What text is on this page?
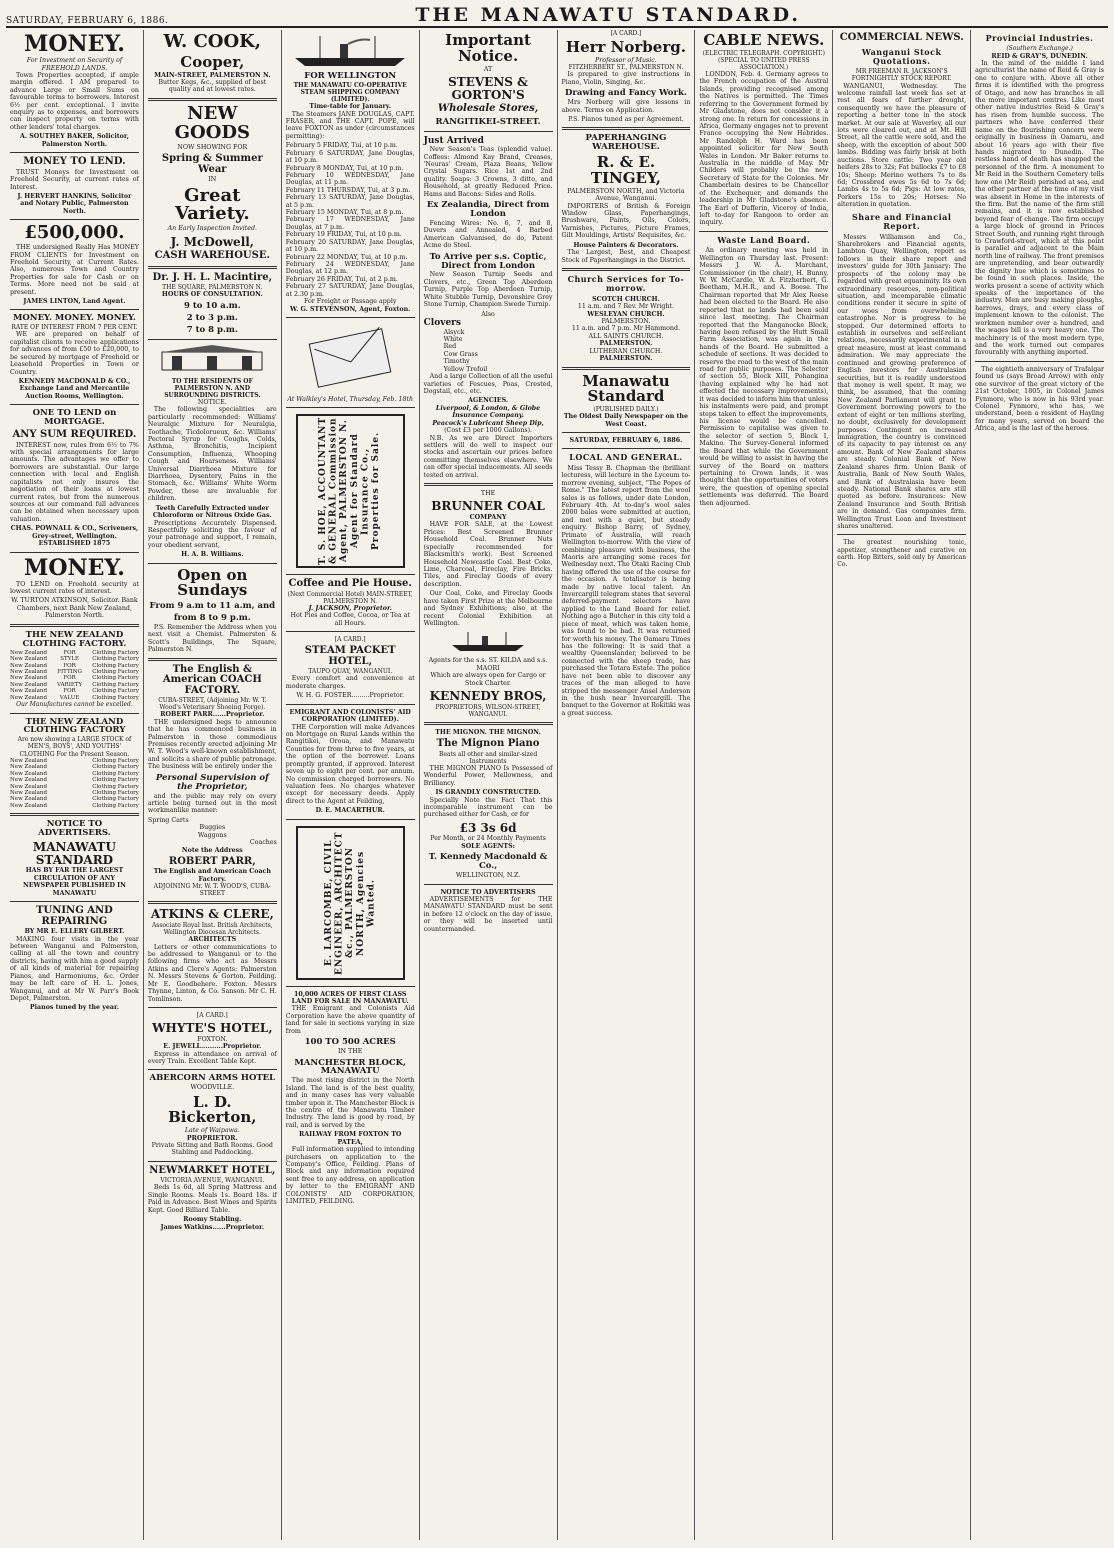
SATURDAY, FEBRUARY 6, 1886.	THE MANAWATU STANDARD.
MONEY.
For Investment on Security of FREEHOLD LANDS.

Town Properties accepted, if ample margin offered. I AM prepared to advance Large or Small Sums on favourable terms to borrowers. Interest 6½ per cent. exceptional. I invite enquiry as to expenses, and borrowers can inspect property on terms with other lenders' total charges.

A. SOUTHEY BAKER, Solicitor, Palmerston North.
MONEY TO LEND.

TRUST Moneys for Investment on Freehold Security, at current rates of Interest.

J. HERVERT HANKINS, Solicitor and Notary Public, Palmerston North.
£500,000.

THE undersigned Really Has MONEY FROM CLIENTS for Investment on Freehold Security, at Current Rates. Also, numerous Town and Country Properties for sale for Cash or on Terms. More need not be said at present.

JAMES LINTON, Land Agent.
MONEY. MONEY. MONEY.
RATE OF INTEREST FROM 7 PER CENT.

WE are prepared on behalf of capitalist clients to receive applications for advances of from £50 to £20,000, to be secured by mortgage of Freehold or Leasehold Properties in Town or Country.

KENNEDY MACDONALD & CO., Exchange Land and Mercantile Auction Rooms, Wellington.
ONE TO LEND on MORTGAGE.
ANY SUM REQUIRED.

INTEREST now, rules from 6½ to 7% with special arrangements for large amounts. The advantages we offer to borrowers are substantial. Our large connection with local and English capitalists not only insures the negotiation of their loans at lowest current rates, but from the numerous sources at our command full advances can be obtained when necessary upon valuation.

CHAS. POWNALL & CO., Scriveners, Grey-street, Wellington. ESTABLISHED 1875
MONEY.

TO LEND on Freehold security at lowest current rates of interest.

W. TURTON ATKINSON, Solicitor. Bank Chambers, next Bank New Zealand, Palmerston North.
THE NEW ZEALAND CLOTHING FACTORY.
New Zealand	FOR	Clothing Factory
New Zealand STYLE Clothing Factory
New Zealand	FOR	Clothing Factory
New Zealand FITTING Clothing Factory
New Zealand	FOR	Clothing Factory
New Zealand VARIETY Clothing Factory
New Zealand	FOR	Clothing Factory
New Zealand VALUE Clothing Factory
Our Manufactures cannot be excelled.
THE NEW ZEALAND CLOTHING FACTORY
Are now showing a LARGE STOCK of MEN'S, BOYS', AND YOUTHS' CLOTHING For the Present Season.
New Zealand	Clothing Factory
New Zealand	Clothing Factory
New Zealand	Clothing Factory
New Zealand	Clothing Factory
New Zealand	Clothing Factory
New Zealand	Clothing Factory
New Zealand	Clothing Factory
New Zealand	Clothing Factory
NOTICE TO ADVERTISERS.
MANAWATU STANDARD
HAS BY FAR THE LARGEST CIRCULATION OF ANY NEWSPAPER PUBLISHED IN MANAWATU
TUNING AND REPAIRING
BY MR E. ELLERY GILBERT.

MAKING four visits in the year between Wanganui and Palmerston, calling at all the town and country districts, having with him a good supply of all kinds of material for repairing Pianos, and Harmoniums, &c. Order may be left care of H. L. Jones, Wanganui, and at Mr W. Parr's Book Depot, Palmerston.

Pianos tuned by the year.
W. COOK,
Cooper,
MAIN-STREET, PALMERSTON N.
Butter Kegs, &c., supplied of best quality and at lowest rates.
NEW GOODS
NOW SHOWING FOR
Spring & Summer Wear
IN
Great Variety.
An Early Inspection Invited.
J. McDowell,
CASH WAREHOUSE.
Dr. J. H. L. Macintire,
THE SQUARE, PALMERSTON N.
HOURS OF CONSULTATION.
9 to 10 a.m.
2 to 3 p.m.
7 to 8 p.m.
TO THE RESIDENTS OF PALMERSTON N. AND SURROUNDING DISTRICTS.
NOTICE.

The following specialities are particularly recommended: Williams' Neuralgic Mixture for Neuralgia, Toothache, Ticdolorueux, &c. Williams' Pectoral Syrup for Coughs, Colds, Asthma, Bronchitis, Incipient Consumption, Influenza, Whooping Cough and Hoarseness. Williams' Universal Diarrhoea Mixture for Diarrhoea, Dysentery, Pains in the Stomach, &c. Williams' White Worm Powder, these are invaluable for children.

Teeth Carefully Extracted under Chloroform or Nitrous Oxide Gas.

Prescriptions Accurately Dispensed. Respectfully soliciting the favour of your patronage and support, I remain, your obedient servant,

H. A. B. Williams.
Open on Sundays
From 9 a.m to 11 a.m, and
from 8 to 9 p.m.

P.S. Remember the Address when you next visit a Chemist. Palmerston & Scott's Buildings, The Square, Palmerston N.

The English & American COACH FACTORY.
CUBA-STREET, (Adjoining Mr. W. T. Wood's Veterinary Shoeing Forge).
ROBERT PARR......Proprietor.

THE undersigned begs to announce that he has commenced business in Palmerston in those commodious Premises recently erected adjoining Mr W. T. Wood's well-known establishment, and solicits a share of public patronage. The business will be entirely under the

Personal Supervision of the Proprietor,

and the public may rely on every article being turned out in the most workmanlike manner:

Spring Carts
Buggies
Waggons
Coaches
Note the Address
ROBERT PARR,
The English and American Coach Factory.
ADJOINING Mr. W. T. WOOD'S, CUBA-STREET
ATKINS & CLERE,
Associate Royal Inst. British Architects, Wellington Diocesan Architects.
ARCHITECTS

Letters or other communications to be addressed to Wanganui or to the following firms who act as Messrs Atkins and Clere's Agents: Palmerston N. Messrs Stevens & Gorton. Feilding. Mr E. Goodbehere. Foxton. Messrs Thynne, Linton, & Co. Sanson. Mr C. H. Tomlinson.

[A CARD.]
WHYTE'S HOTEL,
FOXTON.
E. JEWELL..........Proprietor.

Express in attendance on arrival of every Train. Excellent Table Kept.

ABERCORN ARMS HOTEL
WOODVILLE.
L. D. Bickerton,
Late of Waipawa.
PROPRIETOR.
Private Sitting and Bath Rooms. Good Stabling and Paddocking.
NEWMARKET HOTEL,
VICTORIA AVENUE, WANGANUI.

Beds 1s 6d, all Spring Mattress and Single Rooms. Meals 1s. Board 18s. if Paid in Advance. Best Wines and Spirits Kept. Good Billiard Table.

Roomy Stabling.
James Watkins......Proprietor.
FOR WELLINGTON
THE MANAWATU CO-OPERATIVE STEAM SHIPPING COMPANY (LIMITED).
Time-table for January.

The Steamers JANE DOUGLAS, CAPT. FRASER, and THE CAPT. POPE, will leave FOXTON as under (circumstances permitting):

February 5 FRIDAY, Tui, at 10 p.m.
February 6 SATURDAY, Jane Douglas, at 10 p.m.
February 8 MONDAY, Tui, at 10 p.m.
February 10 WEDNESDAY, Jane Douglas, at 11 p.m.
February 11 THURSDAY, Tui, at 3 p.m.
February 13 SATURDAY, Jane Douglas, at 5 p.m.
February 15 MONDAY, Tui, at 8 p.m.
February 17 WEDNESDAY, Jane Douglas, at 7 p.m.
February 19 FRIDAY, Tui, at 10 p.m.
February 20 SATURDAY, Jane Douglas, at 10 p.m.
February 22 MONDAY, Tui, at 10 p.m.
February 24 WEDNESDAY, Jane Douglas, at 12 p.m.
February 26 FRIDAY, Tui, at 2 p.m.
February 27 SATURDAY, Jane Douglas, at 2.30 p.m.
For Freight or Passage apply
W. G. STEVENSON, Agent, Foxton.
At Walkley's Hotel, Thursday, Feb. 18th
T. S. HOE, ACCOUNTANT & GENERAL Commission Agent, PALMERSTON N. Agent for Standard Insurance Co., Properties for Sale.
Coffee and Pie House.
(Next Commercial Hotel) MAIN-STREET, PALMERSTON N.
J. JACKSON, Proprietor.
Hot Pies and Coffee, Cocoa, or Tea at all Hours.
[A CARD.]
STEAM PACKET HOTEL,
TAUPO QUAY, WANGANUI.

Every comfort and convenience at moderate charges.

W. H. G. FOSTER.........Proprietor.
EMIGRANT AND COLONISTS' AID CORPORATION (LIMITED).

THE Corporation will make Advances on Mortgage on Rural Lands within the Rangitikei, Oroua, and Manawatu Counties for from three to five years, at the option of the borrower. Loans promptly granted, if approved. Interest seven up to eight per cent. per annum. No commission charged borrowers. No valuation fees. No charges whatever except for necessary deeds. Apply direct to the Agent at Feilding,

D. E. MACARTHUR.
E. LARCOMBE, CIVIL ENGINEER, ARCHITECT &c., PALMERSTON NORTH, Agencies Wanted.
10,000 ACRES OF FIRST CLASS LAND FOR SALE IN MANAWATU.

THE Emigrant and Colonists Aid Corporation have the above quantity of land for sale in sections varying in size from

100 TO 500 ACRES
IN THE
MANCHESTER BLOCK, MANAWATU

The most rising district in the North Island. The land is of the best quality, and in many cases has very valuable timber upon it. The Manchester Block is the centre of the Manawatu Timber Industry. The land is good by road, by rail, and is served by the

RAILWAY FROM FOXTON TO PATEA,

Full information supplied to intending purchasers on application to the Company's Office, Feilding. Plans of Block and any information required sent free to any address, on application by letter to the EMIGRANT AND COLONISTS' AID CORPORATION, LIMITED, FEILDING.

Important Notice.
AT
STEVENS & GORTON'S
Wholesale Stores,
RANGITIKEI-STREET.
Just Arrived

New Season's Teas (splendid value). Coffees: Almond Kay Brand, Creases, 'Neuras' Cream, Plaza Beans, Yellow Crystal Sugars. Rice 1st and 2nd quality. Soaps: 3 Crowns, 3 ditto, and Household, at greatly Reduced Price. Hams and Bacons: Sides and Rolls.

Ex Zealandia, Direct from London

Fencing Wires: No. 6, 7, and 8, Duvers and Annealed, 4 Barbed American Galvanised, do do, Patent Acme do Steel.

To Arrive per s.s. Coptic, Direct from London

New Season Turnip Seeds and Clovers, etc., Green Top Aberdeen Turnip, Purple Top Aberdeen Turnip, White Stubble Turnip, Devonshire Grey Stone Turnip, Champion Swede Turnip.

Also
Clovers
Alsyck
White
Red
Cow Grass
Timothy
Yellow Trefoil

And a large Collection of all the useful varieties of Fescues, Poas, Crested, Dogstail, etc., etc.

AGENCIES.
Liverpool, & London, & Globe Insurance Company.
Peacock's Lubricant Sheep Dip,
(Cost £3 per 1000 Gallons).

N.B. As we are Direct Importers settlers will do well to inspect our stocks and ascertain our prices before committing themselves elsewhere. We can offer special inducements. All seeds tested on arrival.

THE
BRUNNER COAL
COMPANY

HAVE FOR SALE, at the Lowest Prices: Best Screened Brunner Household Coal. Brunner Nuts (specially recommended for Blacksmith's work). Best Screened Household Newcastle Coal. Best Coke, Lime, Charcoal, Fireclay, Fire Bricks. Tiles, and Fireclay Goods of every description.

Our Coal, Coke, and Fireclay Goods have taken First Prize at the Melbourne and Sydney Exhibitions; also at the recent Colonial Exhibition at Wellington.

Agents for the s.s. ST. KILDA and s.s. MAORI
Which are always open for Cargo or Stock Charter.
KENNEDY BROS,
PROPRIETORS, WILSON-STREET, WANGANUI.
THE MIGNON. THE MIGNON.
The Mignon Piano
Beats all other and similar-sized Instruments

THE MIGNON PIANO Is Possessed of Wonderful Power, Mellowness, and Brilliancy.

IS GRANDLY CONSTRUCTED.

Specially Note the Fact That this incomparable instrument can be purchased either for Cash, or for

£3 3s 6d
Per Month, or 24 Monthly Payments
SOLE AGENTS:
T. Kennedy Macdonald & Co.,
WELLINGTON, N.Z.
NOTICE TO ADVERTISERS

ADVERTISEMENTS for THE MANAWATU STANDARD must be sent in before 12 o'clock on the day of issue, or they will be inserted until countermanded.

[A CARD.]
Herr Norberg.
Professor of Music.
FITZHERBERT ST., PALMERSTON N.

Is prepared to give instructions in Piano, Violin, Singing, &c.

Drawing and Fancy Work.

Mrs Norberg will give lessons in above. Terms on Application.

P.S. Pianos tuned as per Agreement.
PAPERHANGING WAREHOUSE.
R. & E. TINGEY,
PALMERSTON NORTH, and Victoria Avenue, Wanganui.

IMPORTERS of British & Foreign Window Glass, Paperhangings, Brushware, Paints, Oils, Colors, Varnishes, Pictures, Picture Frames, Gilt Mouldings, Artists' Requisites, &c.

House Painters & Decorators.

The Largest, Best, and Cheapest Stock of Paperhangings in the District.

Church Services for To-morrow.
SCOTCH CHURCH.
11 a.m. and 7 Rev. Mr Wright.
WESLEYAN CHURCH.
PALMERSTON.
11 a.m. and 7 p.m. Mr Hammond.
ALL SAINTS CHURCH.
PALMERSTON.
LUTHERAN CHURCH.
PALMERSTON.
Manawatu Standard
(PUBLISHED DAILY.)
The Oldest Daily Newspaper on the West Coast.
SATURDAY, FEBRUARY 6, 1886.
LOCAL AND GENERAL.

Miss Tessy B. Chapman the (brilliant lecturess, will lecture in the Lyceum to-morrow evening, subject, "The Popes of Rome." The latest report from the wool sales is as follows, under date London, February 4th. At to-day's wool sales 2000 bales were submitted at auction, and met with a quiet, but steady enquiry. Bishop Barry, of Sydney, Primate of Australia, will reach Wellington to-morrow. With the view of combining pleasure with business, the Maoris are arranging some races for Wednesday next. The Otaki Racing Club having offered the use of the course for the occasion. A totalisator is being made by native local talent. An Invercargill telegram states that several deferred-payment selectors have applied to the Land Board for relief. Nothing ago a Butcher in this city told a piece of meat, which was taken home, was found to be bad. It was returned for worth his money. The Oamaru Times has the following: It is said that a wealthy Queenslander, believed to be connected with the sheep trade, has purchased the Totara Estate. The police have not been able to discover any traces of the man alleged to have stripped the messenger Ansel Anderson in the bush near Invercargill. The banquet to the Governor at Rokitiki was a great success.

CABLE NEWS.
(ELECTRIC TELEGRAPH. COPYRIGHT.) (SPECIAL TO UNITED PRESS ASSOCIATION.)

LONDON, Feb. 4. Germany agrees to the French occupation of the Austral Islands, providing recognised among the Natives is permitted. The Times referring to the Government formed by Mr Gladstone, does not consider it a strong one. In return for concessions in Africa, Germany engages not to prevent France occupying the New Hebrides. Mr Randolph H. Ward has been appointed solicitor for New South Wales in London. Mr Baker returns to Australia in the middle of May. Mr Childers will probably be the new Secretary of State for the Colonies. Mr Chamberlain desires to be Chancellor of the Exchequer, and demands the leadership in Mr Gladstone's absence. The Earl of Dufferin, Viceroy of India, left to-day for Rangoon to order an inquiry.

Waste Land Board.

An ordinary meeting was held in Wellington on Thursday last. Present: Messrs J. W. A. Marchant, Commissioner (in the chair), H. Bunny, W. W. McCardle, W. A. Fitzherbert, G. Beetham, M.H.R., and A. Boese. The Chairman reported that Mr Alex Reese had been elected to the Board. He also reported that no lands had been sold since last meeting. The Chairman reported that the Manganocke Block, having been refused by the Hutt Small Farm Association, was again in the hands of the Board. He submitted a schedule of sections. It was decided to reserve the road to the west of the main road for public purposes. The Selector of section 55, Block XIII, Pohangina (having explained why he had not effected the necessary improvements), it was decided to inform him that unless his instalments were paid, and prompt steps taken to effect the improvements, his license would be cancelled. Permission to capitalise was given to the selector of section 5, Block I, Makino. The Survey-General informed the Board that while the Government would be willing to assist in having the survey of the Board on matters pertaining to Crown lands, it was thought that the opportunities of voters were, the question of opening special settlements was deferred. The Board then adjourned.

COMMERCIAL NEWS.
Wanganui Stock Quotations.
MR FREEMAN R. JACKSON'S FORTNIGHTLY STOCK REPORT.

WANGANUI, Wednesday. The welcome rainfall last week has set at rest all fears of further drought, consequently we have the pleasure of reporting a better tone in the stock market. At our sale at Waverley, all our lots were cleared out, and at Mt. Hill Street, all the cattle were sold, and the sheep, with the exception of about 500 lambs. Bidding was fairly brisk at both auctions. Store cattle: Two year old heifers 28s to 32s; Fat bullocks £7 to £8 10s; Sheep: Merino wethers 7s to 8s 6d; Crossbred ewes 5s 6d to 7s 6d; Lambs 4s to 5s 6d; Pigs: At low rates, Porkers 15s to 20s; Horses: No alteration in quotation.

Share and Financial Report.

Messrs Williamson and Co., Sharebrokers and Financial agents, Lambton Quay, Wellington, report as follows in their share report and investors' guide for 30th January: The prospects of the colony may be regarded with great equanimity. Its own extraordinary resources, non-political situation, and incomparable climatic conditions render it secure in spite of our woes from overwhelming catastrophe. Nor is progress to be stopped. Our determined efforts to establish in ourselves and self-reliant relations, necessarily experimental in a great measure, must at least command admiration. We may appreciate the continued and growing preference of English investors for Australasian securities, but it is readily understood that money is well spent. It may, we think, be assumed, that the coming New Zealand Parliament will grant to Government borrowing powers to the extent of eight or ten millions sterling, no doubt, exclusively for development purposes. Contingent on increased immigration, the country is convinced of its capacity to pay interest on any amount. Bank of New Zealand shares are steady. Colonial Bank of New Zealand shares firm. Union Bank of Australia, Bank of New South Wales, and Bank of Australasia have been steady. National Bank shares are still quoted as before. Insurances: New Zealand Insurance and South British are in demand. Gas companies firm. Wellington Trust Loan and Investment shares unaltered.

The greatest nourishing tonic, appetizer, strengthener and curative on earth. Hop Bitters, sold only by American Co.

Provincial Industries.
(Southern Exchange.)
REID & GRAY'S, DUNEDIN.

In the mind of the middle I land agriculturist the name of Reid & Gray is one to conjure with. Above all other firms it is identified with the progress of Otago, and now has branches in all the more important centres. Like most other native industries Reid & Gray's has risen from humble success. The partners who have conferred their name on the flourishing concern were originally in business in Oamaru, and about 16 years ago with their five hands migrated to Dunedin. The restless hand of death has snapped the personnel of the firm. A monument to Mr Reid in the Southern Cemetery tells how one (Mr Reid) perished at sea, and the other partner at the time of my visit was absent in Home in the interests of the firm. But the name of the firm still remains, and it is now established beyond fear of change. The firm occupy a large block of ground in Princes Street South, and running right through to Crawford-street, which at this point is parallel and adjacent to the Main north line of railway. The front premises are unpretending, and bear outwardly the dignity hue which is sometimes to be found in such places. Inside, the works present a scene of activity which speaks of the importance of the industry. Men are busy making ploughs, harrows, drays, and every class of implement known to the colonist. The workmen number over a hundred, and the wages bill is a very heavy one. The machinery is of the most modern type, and the work turned out compares favourably with anything imported.

The eightieth anniversary of Trafalgar found us (says Broad Arrow) with only one survivor of the great victory of the 21st October, 1805, in Colonel James Fynmore, who is now in his 93rd year. Colonel Fynmore, who has, we understand, been a resident of Hayling for many years, served on board the Africa, and is the last of the heroes.
